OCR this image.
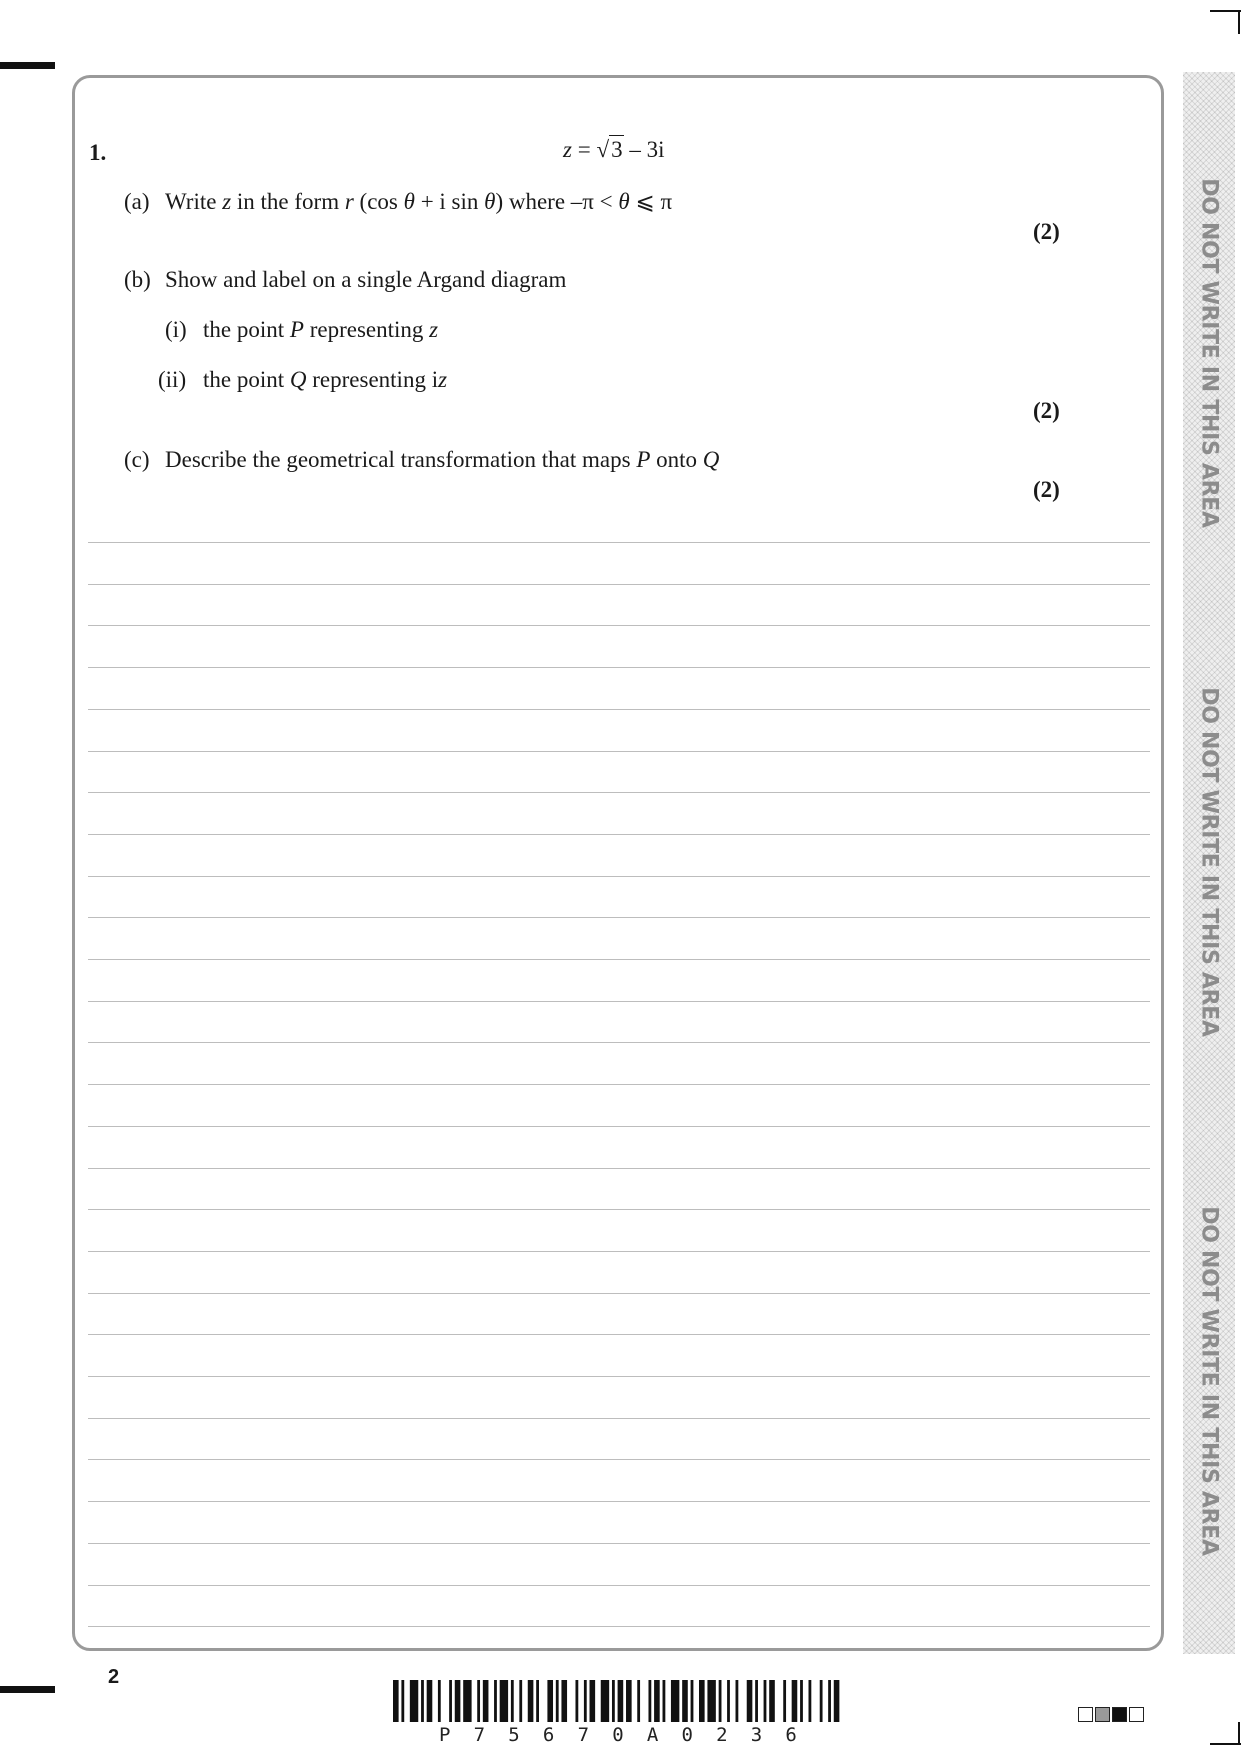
DO NOT WRITE IN THIS AREA
DO NOT WRITE IN THIS AREA
DO NOT WRITE IN THIS AREA
1.	z = √3 – 3i
(a) Write z in the form r (cos θ + i sin θ) where –π < θ ⩽ π
(2)
(b) Show and label on a single Argand diagram
(i) the point P representing z
(ii) the point Q representing iz
(2)
(c) Describe the geometrical transformation that maps P onto Q
(2)
2
P 7 5 6 7 0 A 0 2 3 6
